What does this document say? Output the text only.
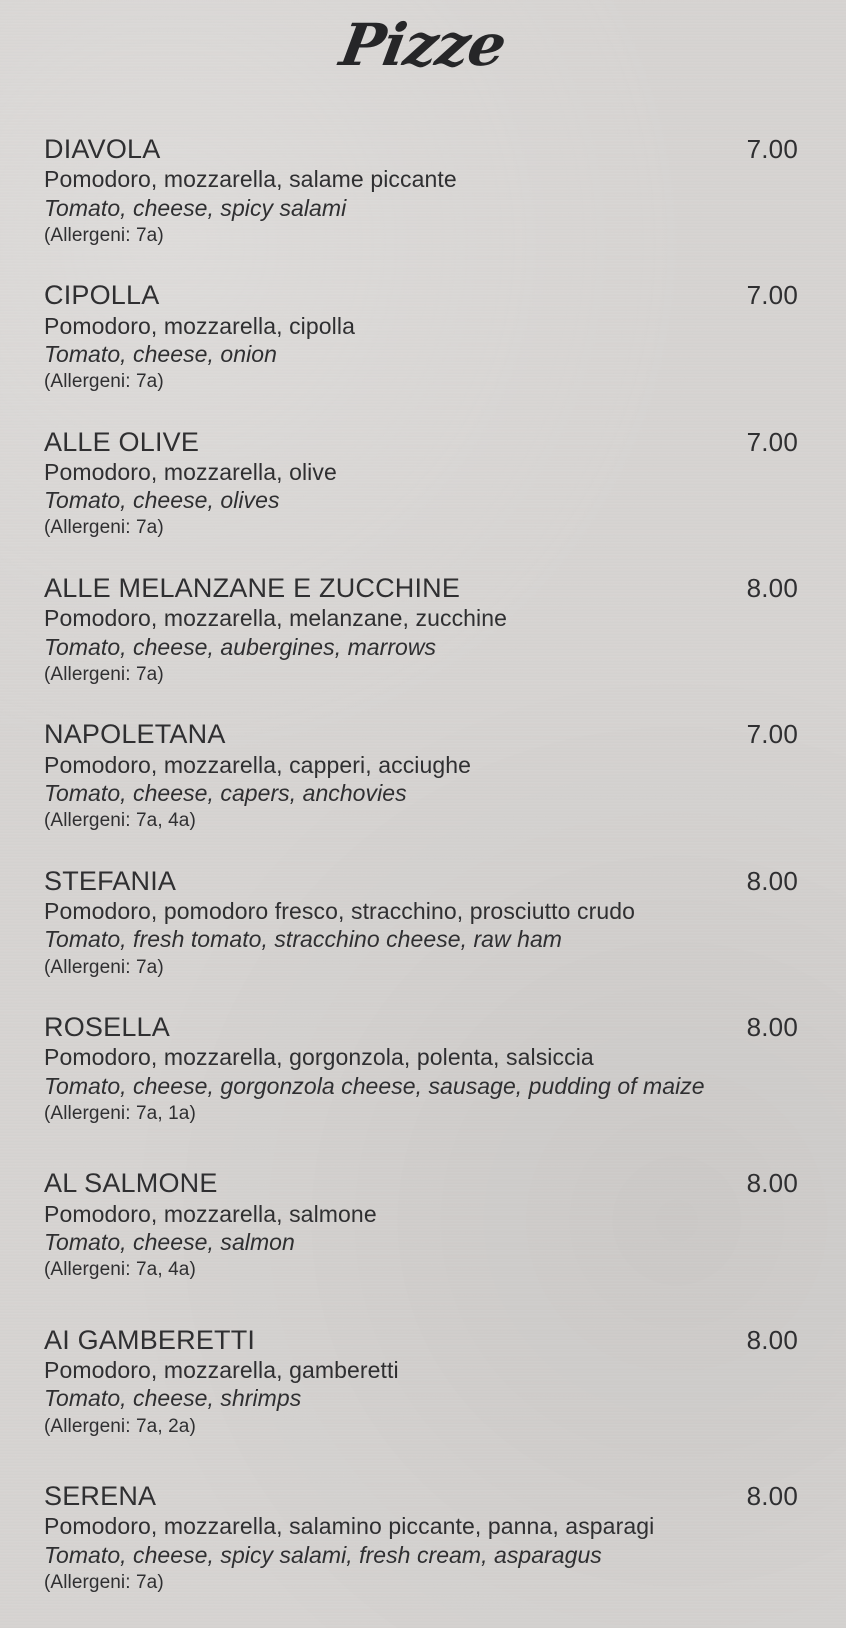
Pizze
DIAVOLA	7.00
Pomodoro, mozzarella, salame piccante
Tomato, cheese, spicy salami
(Allergeni: 7a)
CIPOLLA	7.00
Pomodoro, mozzarella, cipolla
Tomato, cheese, onion
(Allergeni: 7a)
ALLE OLIVE	7.00
Pomodoro, mozzarella, olive
Tomato, cheese, olives
(Allergeni: 7a)
ALLE MELANZANE E ZUCCHINE	8.00
Pomodoro, mozzarella, melanzane, zucchine
Tomato, cheese, aubergines, marrows
(Allergeni: 7a)
NAPOLETANA	7.00
Pomodoro, mozzarella, capperi, acciughe
Tomato, cheese, capers, anchovies
(Allergeni: 7a, 4a)
STEFANIA	8.00
Pomodoro, pomodoro fresco, stracchino, prosciutto crudo
Tomato, fresh tomato, stracchino cheese, raw ham
(Allergeni: 7a)
ROSELLA	8.00
Pomodoro, mozzarella, gorgonzola, polenta, salsiccia
Tomato, cheese, gorgonzola cheese, sausage, pudding of maize
(Allergeni: 7a, 1a)
AL SALMONE	8.00
Pomodoro, mozzarella, salmone
Tomato, cheese, salmon
(Allergeni: 7a, 4a)
AI GAMBERETTI	8.00
Pomodoro, mozzarella, gamberetti
Tomato, cheese, shrimps
(Allergeni: 7a, 2a)
SERENA	8.00
Pomodoro, mozzarella, salamino piccante, panna, asparagi
Tomato, cheese, spicy salami, fresh cream, asparagus
(Allergeni: 7a)
